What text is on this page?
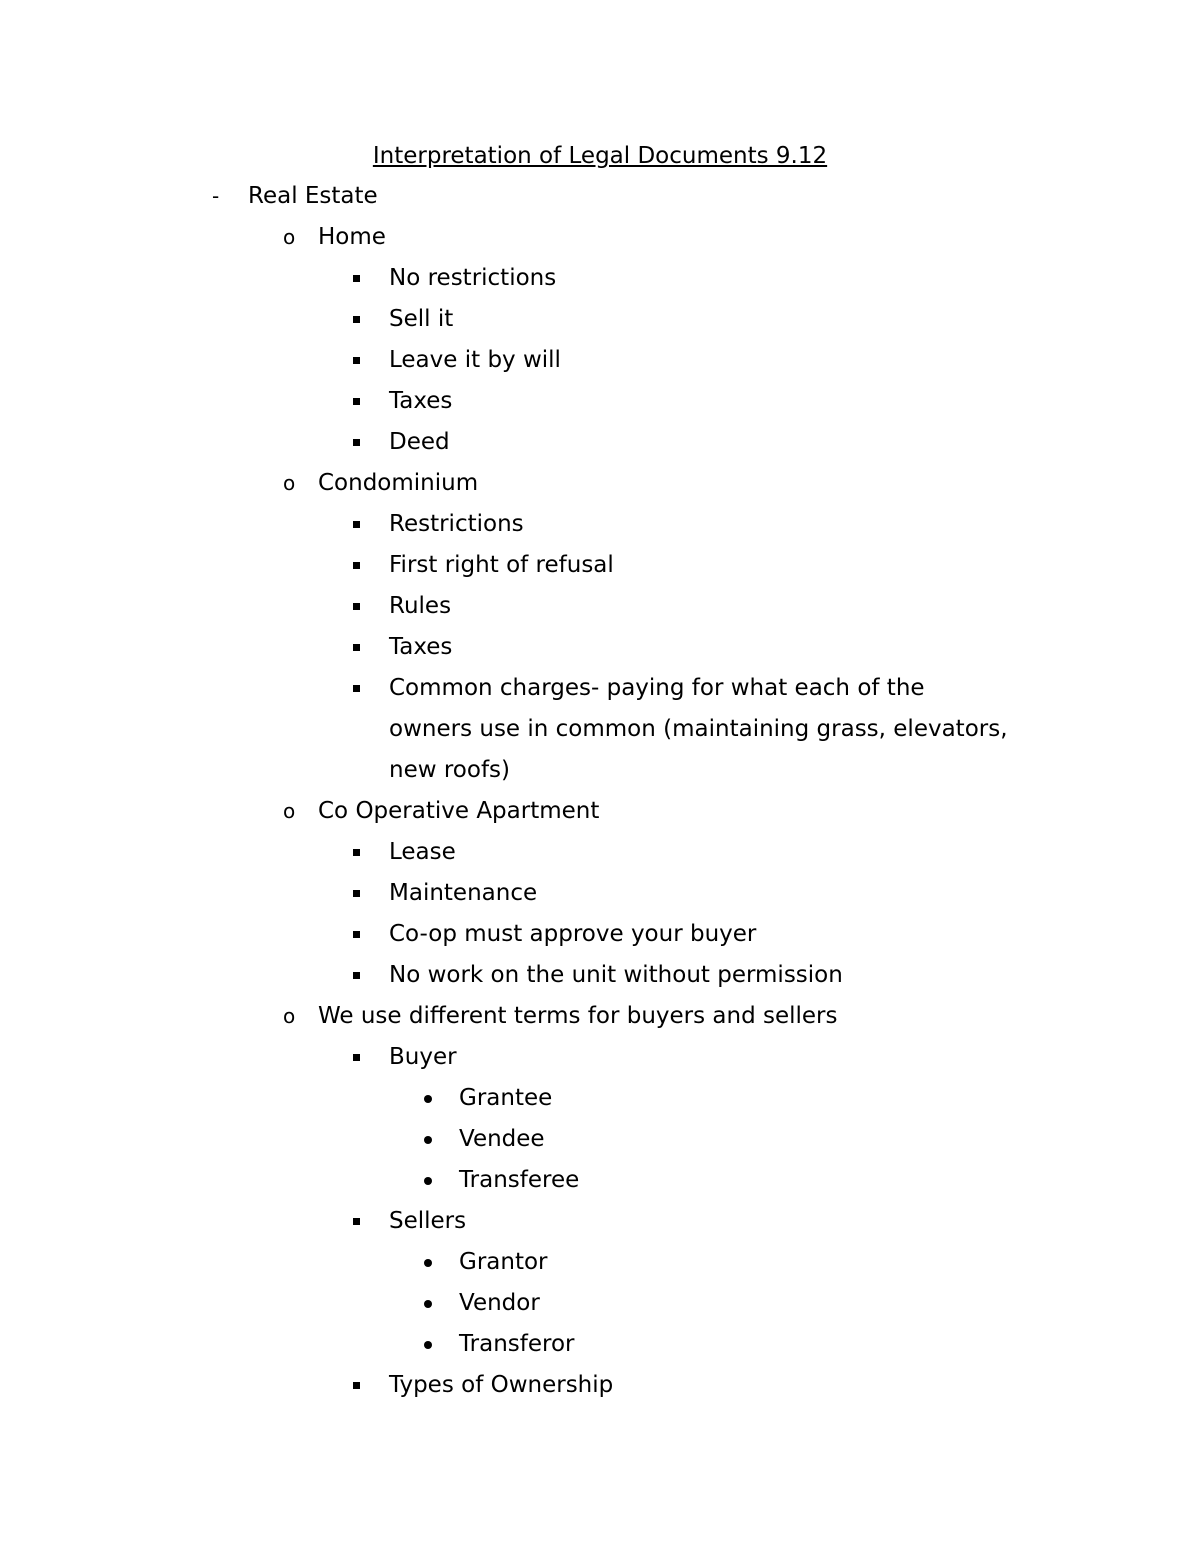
Interpretation of Legal Documents 9.12
- Real Estate
o Home
No restrictions
Sell it
Leave it by will
Taxes
Deed
o Condominium
Restrictions
First right of refusal
Rules
Taxes
Common charges- paying for what each of the
owners use in common (maintaining grass, elevators,
new roofs)
o Co Operative Apartment
Lease
Maintenance
Co-op must approve your buyer
No work on the unit without permission
o We use different terms for buyers and sellers
Buyer
Grantee
Vendee
Transferee
Sellers
Grantor
Vendor
Transferor
Types of Ownership
